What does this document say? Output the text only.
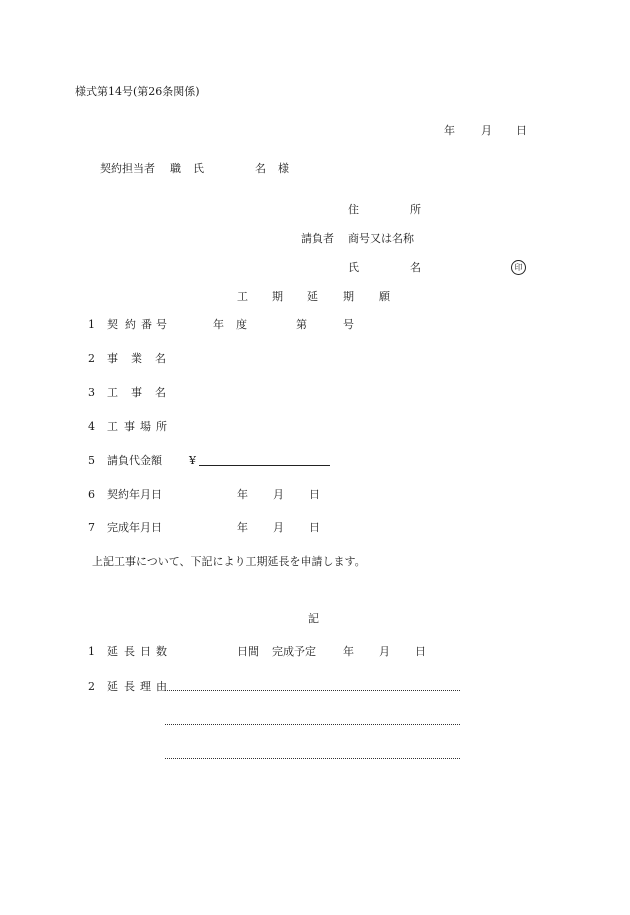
様式第14号(第26条関係)
年 月 日
契約担当者 職 氏	名 様
住	所
請負者 商号又は名称
氏	名	印
工 期 延 期 願
1 契 約 番 号	年 度	第	号
2 事 業 名
3 工 事 名
4 工 事 場 所
5 請負代金額 ¥
6 契約年月日	年 月 日
7 完成年月日	年 月 日
上記工事について、下記により工期延長を申請します。
記
1 延 長 日 数	日間 完成予定 年 月 日
2 延 長 理 由
